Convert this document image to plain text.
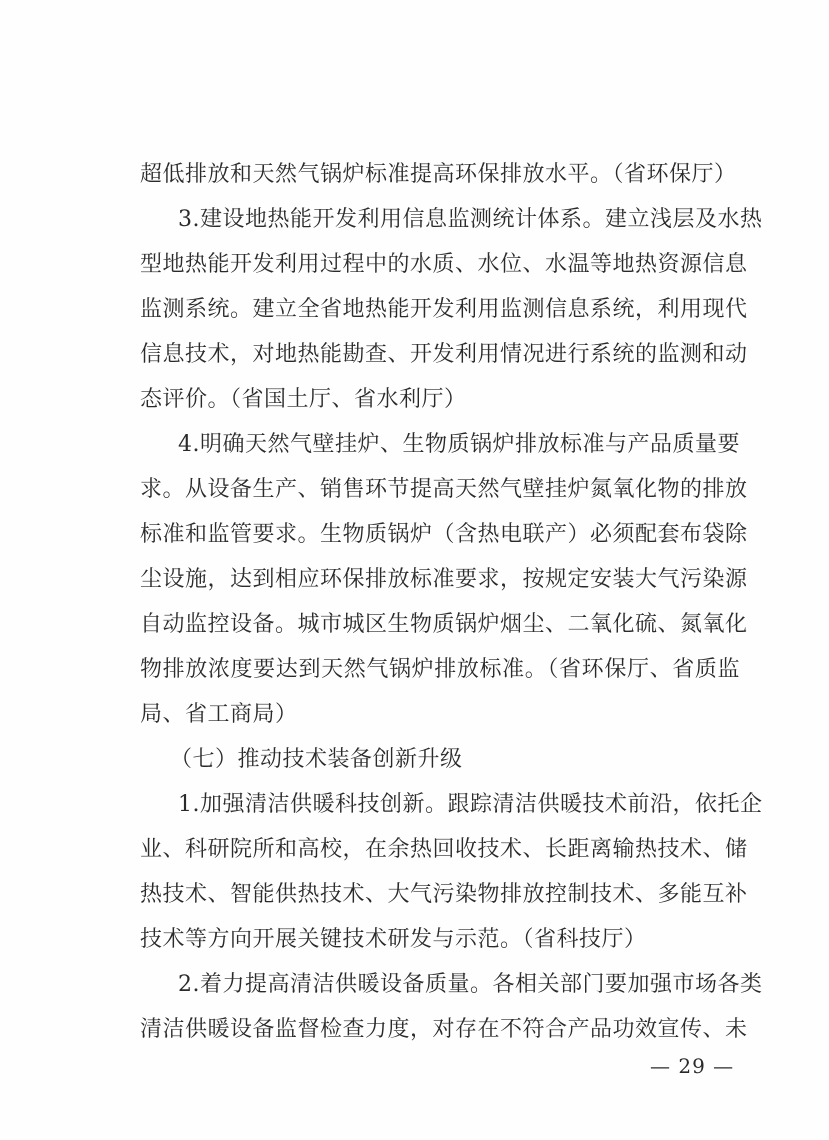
超低排放和天然气锅炉标准提高环保排放水平。（省环保厅）
3.建设地热能开发利用信息监测统计体系。建立浅层及水热
型地热能开发利用过程中的水质、水位、水温等地热资源信息
监测系统。建立全省地热能开发利用监测信息系统，利用现代
信息技术，对地热能勘查、开发利用情况进行系统的监测和动
态评价。（省国土厅、省水利厅）
4.明确天然气壁挂炉、生物质锅炉排放标准与产品质量要
求。从设备生产、销售环节提高天然气壁挂炉氮氧化物的排放
标准和监管要求。生物质锅炉（含热电联产）必须配套布袋除
尘设施，达到相应环保排放标准要求，按规定安装大气污染源
自动监控设备。城市城区生物质锅炉烟尘、二氧化硫、氮氧化
物排放浓度要达到天然气锅炉排放标准。（省环保厅、省质监
局、省工商局）
（七）推动技术装备创新升级
1.加强清洁供暖科技创新。跟踪清洁供暖技术前沿，依托企
业、科研院所和高校，在余热回收技术、长距离输热技术、储
热技术、智能供热技术、大气污染物排放控制技术、多能互补
技术等方向开展关键技术研发与示范。（省科技厅）
2.着力提高清洁供暖设备质量。各相关部门要加强市场各类
清洁供暖设备监督检查力度，对存在不符合产品功效宣传、未
— 29 —
